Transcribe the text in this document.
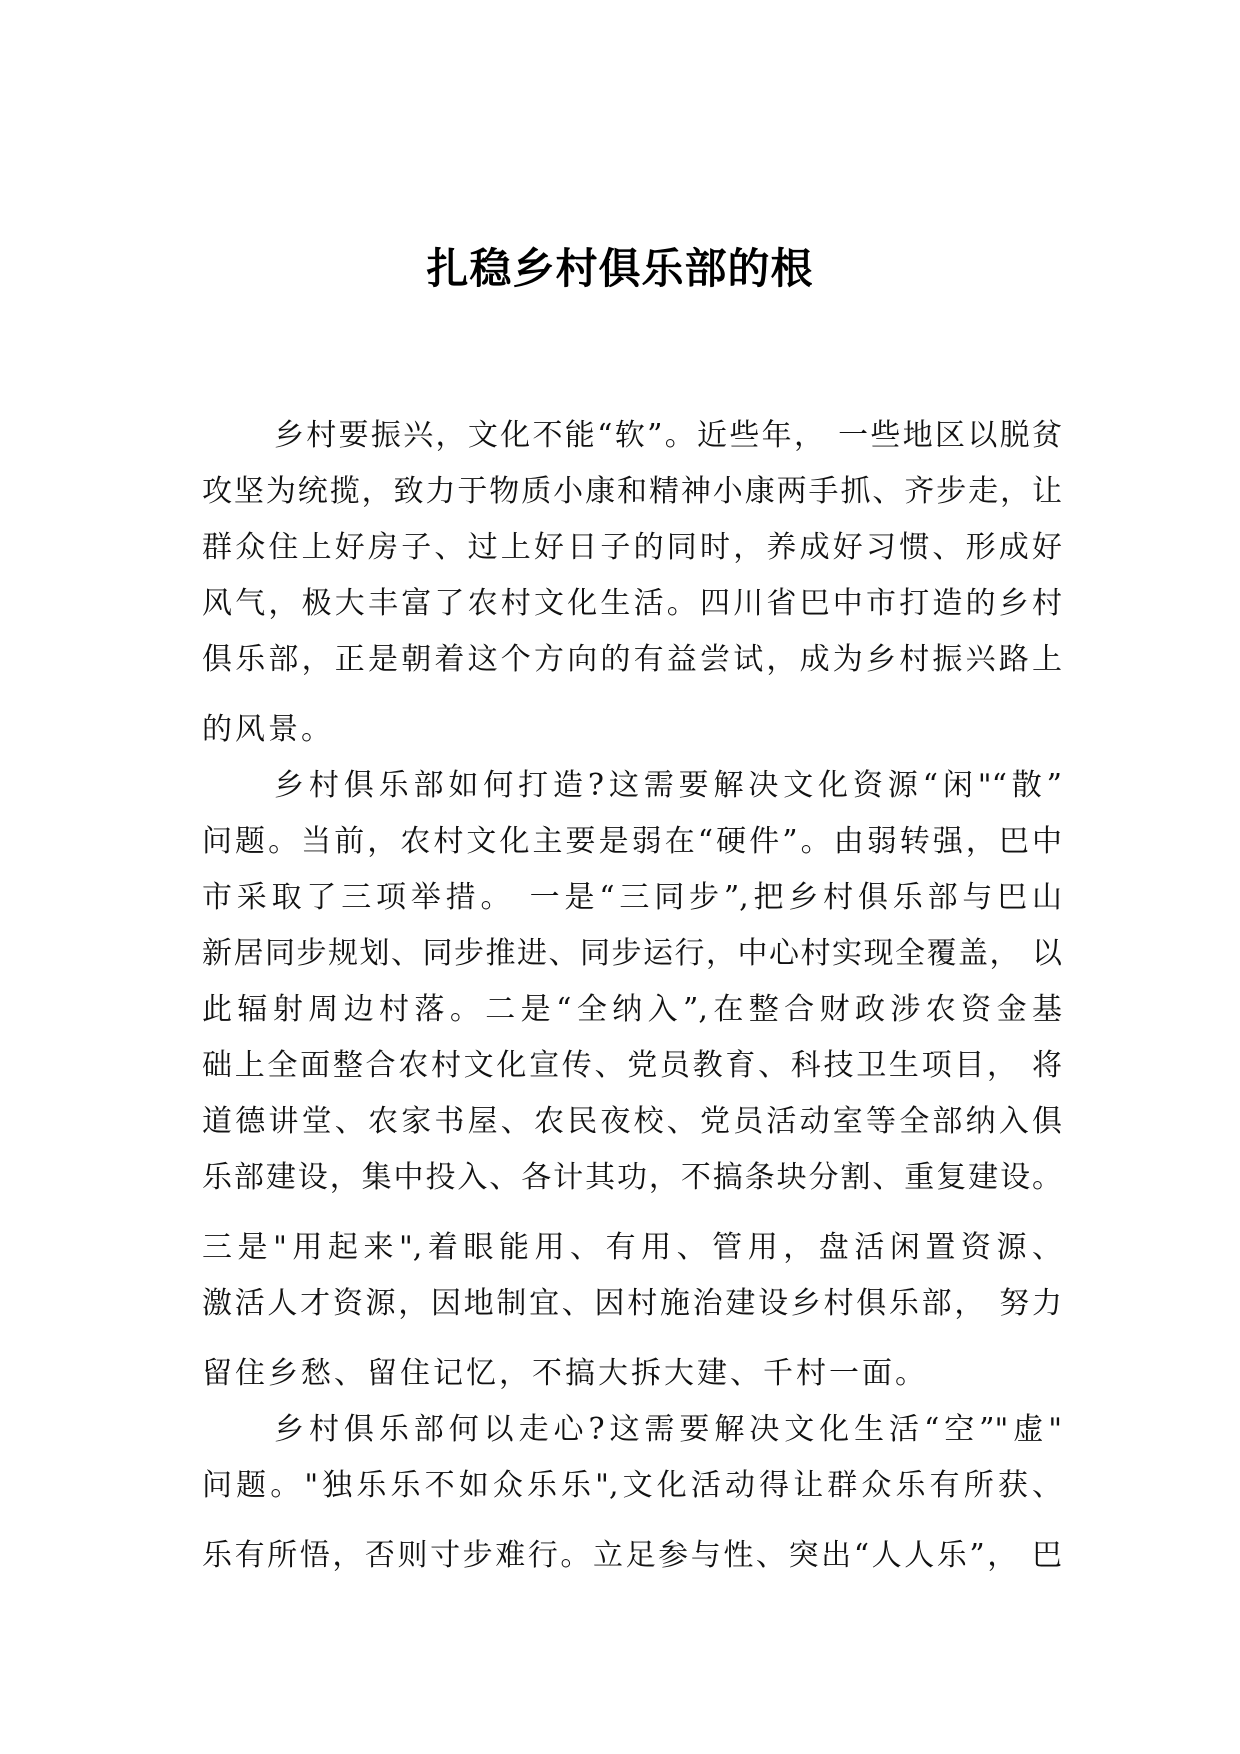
扎稳乡村俱乐部的根

乡村要振兴，文化不能“软”。近些年， 一些地区以脱贫

攻坚为统揽，致力于物质小康和精神小康两手抓、齐步走，让

群众住上好房子、过上好日子的同时，养成好习惯、形成好

风气，极大丰富了农村文化生活。四川省巴中市打造的乡村

俱乐部，正是朝着这个方向的有益尝试，成为乡村振兴路上

的风景。

乡村俱乐部如何打造?这需要解决文化资源“闲"“散”

问题。当前，农村文化主要是弱在“硬件”。由弱转强，巴中

市采取了三项举措。 一是“三同步”,把乡村俱乐部与巴山

新居同步规划、同步推进、同步运行，中心村实现全覆盖， 以

此辐射周边村落。二是“全纳入”,在整合财政涉农资金基

础上全面整合农村文化宣传、党员教育、科技卫生项目， 将

道德讲堂、农家书屋、农民夜校、党员活动室等全部纳入俱

乐部建设，集中投入、各计其功，不搞条块分割、重复建设。

三是"用起来",着眼能用、有用、管用，盘活闲置资源、

激活人才资源，因地制宜、因村施治建设乡村俱乐部， 努力

留住乡愁、留住记忆，不搞大拆大建、千村一面。

乡村俱乐部何以走心?这需要解决文化生活“空”"虚"

问题。"独乐乐不如众乐乐",文化活动得让群众乐有所获、

乐有所悟，否则寸步难行。立足参与性、突出“人人乐”， 巴
